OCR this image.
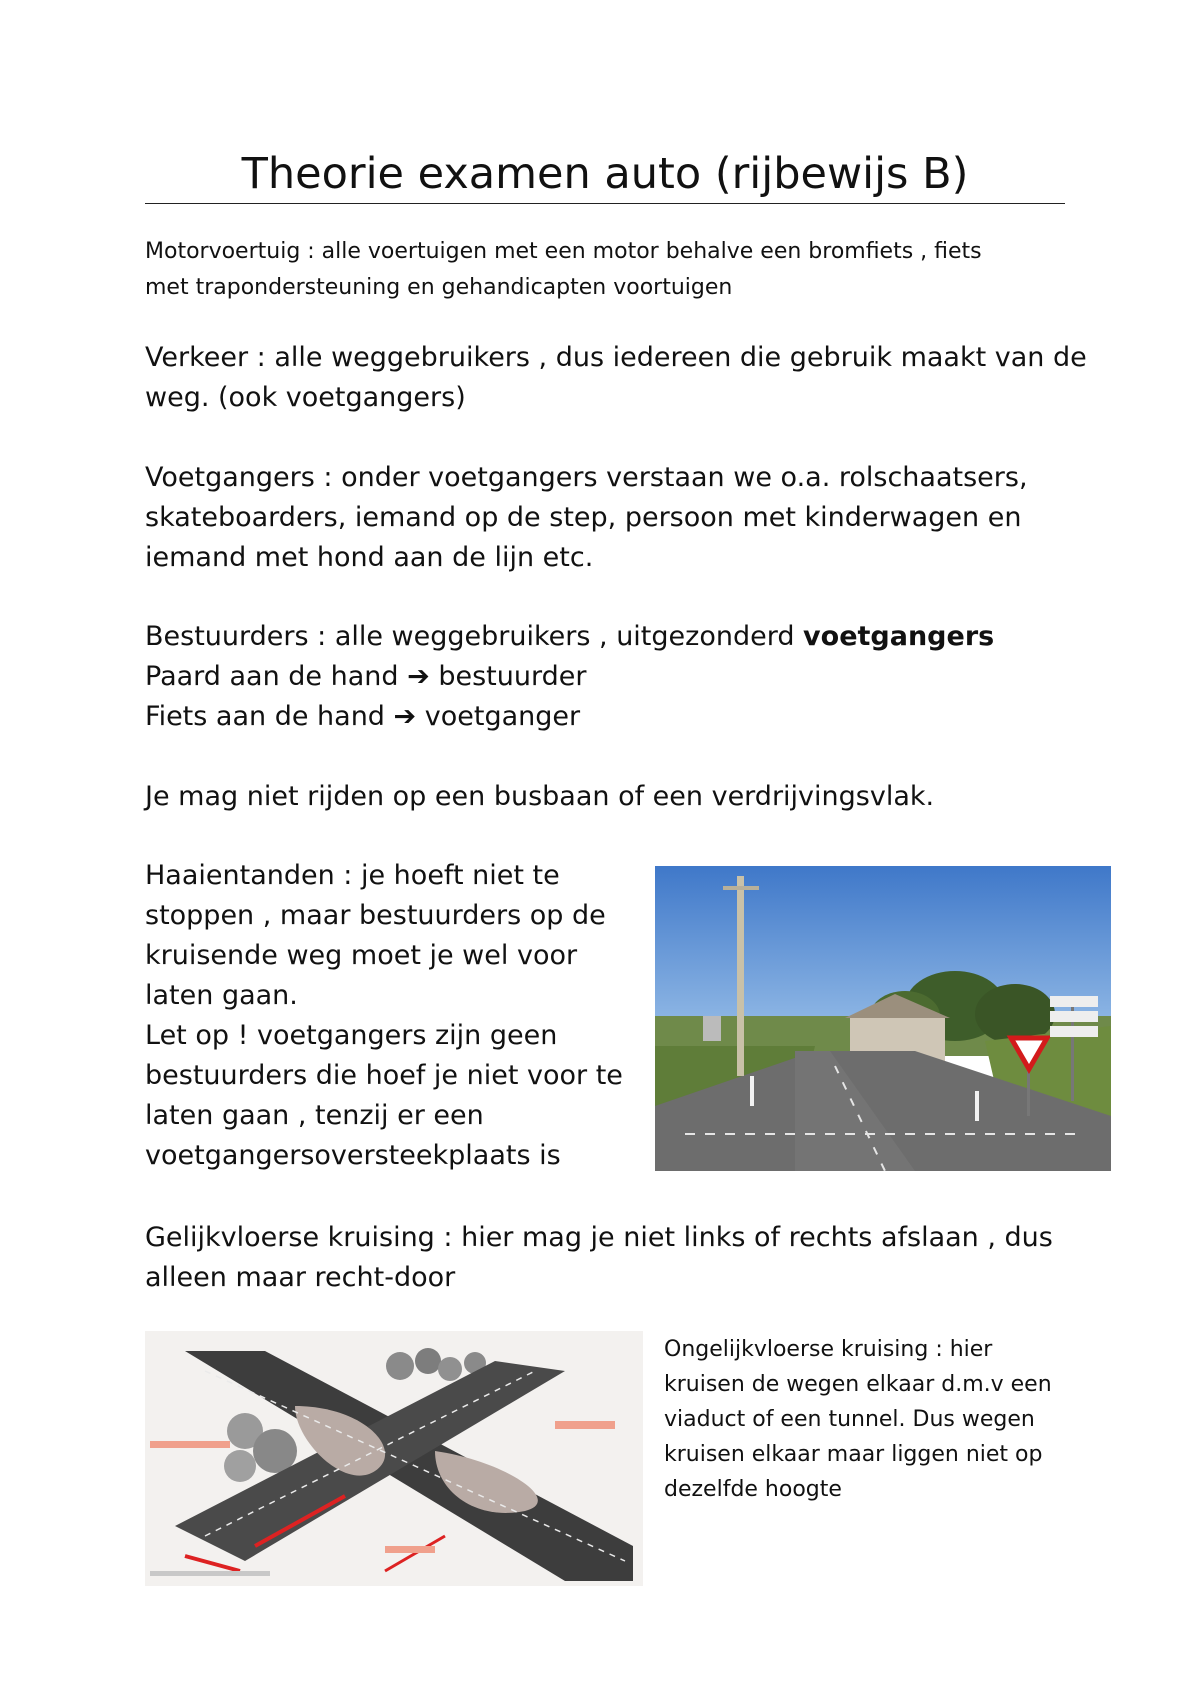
Theorie examen auto (rijbewijs B)
Motorvoertuig : alle voertuigen met een motor behalve een bromfiets , fiets
met trapondersteuning en gehandicapten voortuigen
Verkeer : alle weggebruikers , dus iedereen die gebruik maakt van de
weg. (ook voetgangers)
Voetgangers : onder voetgangers verstaan we o.a. rolschaatsers,
skateboarders, iemand op de step, persoon met kinderwagen en
iemand met hond aan de lijn etc.
Bestuurders : alle weggebruikers , uitgezonderd voetgangers
Paard aan de hand ➔ bestuurder
Fiets aan de hand ➔ voetganger
Je mag niet rijden op een busbaan of een verdrijvingsvlak.
Haaientanden : je hoeft niet te
stoppen , maar bestuurders op de
kruisende weg moet je wel voor
laten gaan.
Let op ! voetgangers zijn geen
bestuurders die hoef je niet voor te
laten gaan , tenzij er een
voetgangersoversteekplaats is
Gelijkvloerse kruising : hier mag je niet links of rechts afslaan , dus
alleen maar recht-door
Ongelijkvloerse kruising : hier
kruisen de wegen elkaar d.m.v een
viaduct of een tunnel. Dus wegen
kruisen elkaar maar liggen niet op
dezelfde hoogte
